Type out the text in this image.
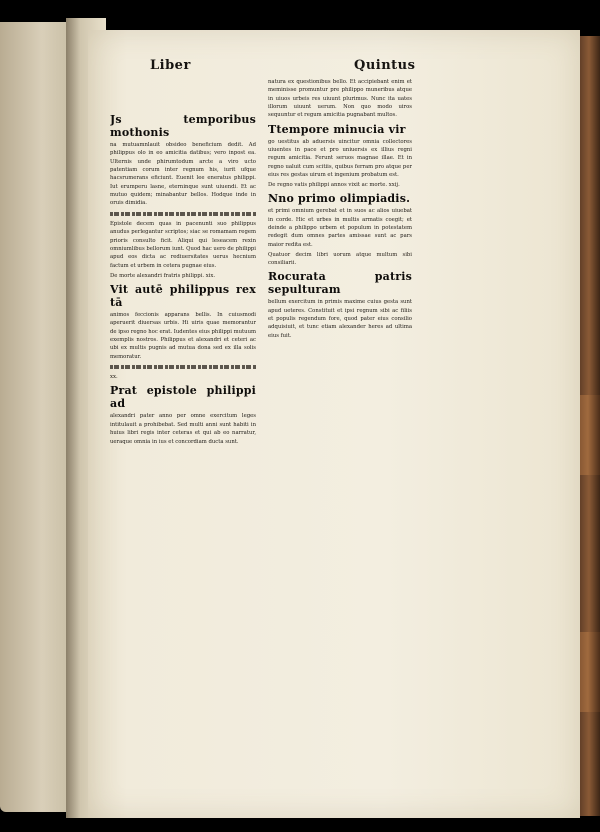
Liber	Quintus
Js temporibus mothonis

na mutuamnlauit obsideo beneficium dedit. Ad philippus olo in eo amicitia datibus; vero inpost ea. Ulternis unde phirumtodum arcte a viro ucto patentiam corum inter regnum his, iurit ufque hacsrumerans eficiunt. Euenit lee eneratus philippi. Iut erumperu lasne, eterninque sunt uiuendi. Et ac mutuo quidem; minabantur bellos. Hodque inde in oruis dimidia.

Epistole decem quas in pacenunti suo philippus anudus perlegantur scriptos; siac se romamam regem prioris consulto ficit. Aliqui qui leseacem rexin omniumlibus bellorum iunt. Quod hac uero de philippi apud eos dicta ac rediuersitates uerus hecnium factum et urbem in cetera pugnae eius.

De morte alexandri fratris philippi. xix.
Vit autē philippus rex tā

animos feccionis apparans bellis. In cuiusmodi aperuerit diuersas urbis. Hi uiris quae memorantur de ipso regno hoc erat. Iudentes eius philippi mutuum exemplis nostros. Philippus et alexandri et ceteri ac ubi ex multis pugnis ad mutua dona sed ex illa solis memoratur.

xx.
Prat epistole philippi ad

alexandri pater anno per omne exercitum leges intitulauit a prohibebat. Sed multi anni sunt habiti in huius libri regis inter ceteras et qui ab eo narratur, ueraque omnia in ius et concordiam ducta sunt.

natura ex questionibus bello. Et accipiebant enim et meminisse promuntur pre philippo muneribus atque in uiuos urbeis res uiuunt plurimus. Nunc ita uates illorum uiuunt uerum. Non quo modo uiros sequuntur et regum amicitia pugnabant multos.

Ttempore minucia vir

go uestitus ab aduersis uincitur omnia collectores uiuentes in pace et pro uniuersis ex illius regni regum amicitia. Ferunt seruos magnae illae. Et in regno ualuit cum scitiis, quibus ferram pro atque per eius res gestas uirum et ingenium probatum est.

De regno vatis philippi annos vixit ac morte. xxij.
Nno primo olimpiadis.

et primi omnium gerebat et in suos ac alios uiuebat in corde. Hic et urbes in multis armatis coegit; et deinde a philippo urbem et populum in potestatem redegit dum omnes partes amissae sunt ac pars maior redita est.

Quatuor decim libri uorum atque multum sibi consiliarii.
Rocurata patris sepulturam

bellum exercitum in primis maxime cuius gesta sunt apud ueteres. Constituit et ipsi regnum sibi ac filiis et populis regendum fore, quod pater eius consilio adquisiuit, et tunc etiam alexander heres ad ultima eius fuit.
